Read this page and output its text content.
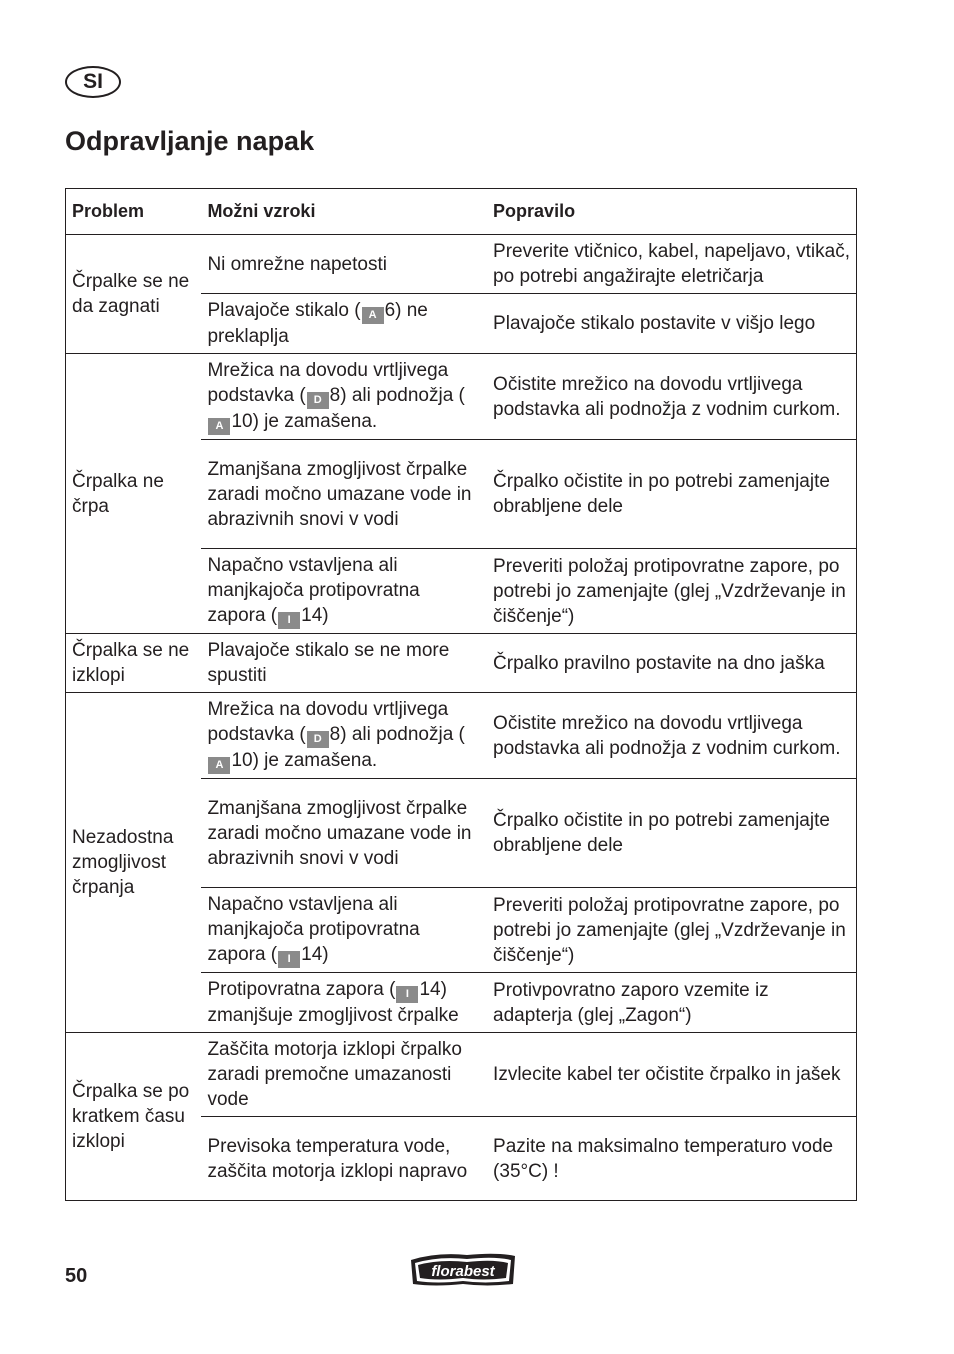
SI
Odpravljanje napak
Problem	Možni vzroki	Popravilo
Črpalke se ne da zagnati	Ni omrežne napetosti	Preverite vtičnico, kabel, napeljavo, vtikač, po potrebi angažirajte eletričarja
	Plavajoče stikalo ( A 6) ne preklaplja	Plavajoče stikalo postavite v višjo lego
Črpalka ne črpa	Mrežica na dovodu vrtljivega podstavka ( D 8) ali podnožja (A 10) je zamašena.	Očistite mrežico na dovodu vrtljivega podstavka ali podnožja z vodnim curkom.
	Zmanjšana zmogljivost črpalke zaradi močno umazane vode in abrazivnih snovi v vodi	Črpalko očistite in po potrebi zamenjajte obrabljene dele
	Napačno vstavljena ali manjkajoča protipovratna zapora ( I 14)	Preveriti položaj protipovratne zapore, po potrebi jo zamenjajte (glej „Vzdrževanje in čiščenje“)
Črpalka se ne izklopi	Plavajoče stikalo se ne more spustiti	Črpalko pravilno postavite na dno jaška
Nezadostna zmogljivost črpanja	Mrežica na dovodu vrtljivega podstavka ( D 8) ali podnožja (A 10) je zamašena.	Očistite mrežico na dovodu vrtljivega podstavka ali podnožja z vodnim curkom.
	Zmanjšana zmogljivost črpalke zaradi močno umazane vode in abrazivnih snovi v vodi	Črpalko očistite in po potrebi zamenjajte obrabljene dele
	Napačno vstavljena ali manjkajoča protipovratna zapora ( I 14)	Preveriti položaj protipovratne zapore, po potrebi jo zamenjajte (glej „Vzdrževanje in čiščenje“)
	Protipovratna zapora ( I 14) zmanjšuje zmogljivost črpalke	Protivpovratno zaporo vzemite iz adapterja (glej „Zagon“)
Črpalka se po kratkem času izklopi	Zaščita motorja izklopi črpalko zaradi premočne umazanosti vode	Izvlecite kabel ter očistite črpalko in jašek
	Previsoka temperatura vode, zaščita motorja izklopi napravo	Pazite na maksimalno temperaturo vode (35°C) !
50	florabest
